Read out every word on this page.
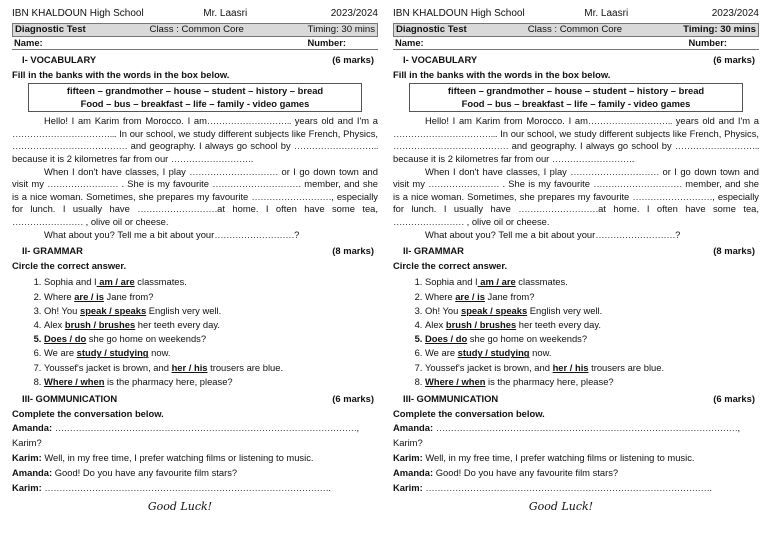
IBN KHALDOUN High School	Mr. Laasri	2023/2024
Diagnostic Test	Class : Common Core	Timing: 30 mins
Name:	Number:
I- VOCABULARY	(6 marks)
Fill in the banks with the words in the box below.
fifteen – grandmother – house – student – history – bread
Food – bus – breakfast – life – family - video games

Hello! I am Karim from Morocco. I am……………………….. years old and I'm a ……………………………... In our school, we study different subjects like French, Physics, ………………………………… and geography. I always go school by ……………………….. because it is 2 kilometres far from our ……………………….

When I don't have classes, I play ………………………… or I go down town and visit my …………………… . She is my favourite ………………………… member, and she is a nice woman. Sometimes, she prepares my favourite ………………………, especially for lunch. I usually have ………………………at home. I often have some tea, …………………… , olive oil or cheese.

What about you? Tell me a bit about your………………………?

II- GRAMMAR	(8 marks)
Circle the correct answer.
1. Sophia and I am / are classmates.
2. Where are / is Jane from?
3. Oh! You speak / speaks English very well.
4. Alex brush / brushes her teeth every day.
5. Does / do she go home on weekends?
6. We are study / studying now.
7. Youssef's jacket is brown, and her / his trousers are blue.
8. Where / when is the pharmacy here, please?
III- GOMMUNICATION	(6 marks)
Complete the conversation below.

Amanda: …………………………………………………………………………………………, Karim?

Karim: Well, in my free time, I prefer watching films or listening to music.

Amanda: Good! Do you have any favourite film stars?

Karim: …………………………………………………………………………………….

Good Luck!
IBN KHALDOUN High School	Mr. Laasri	2023/2024
Diagnostic Test	Class : Common Core	Timing: 30 mins
Name:	Number:
I- VOCABULARY	(6 marks)
Fill in the banks with the words in the box below.
fifteen – grandmother – house – student – history – bread
Food – bus – breakfast – life – family - video games

Hello! I am Karim from Morocco. I am……………………….. years old and I'm a ……………………………... In our school, we study different subjects like French, Physics, ………………………………… and geography. I always go school by ……………………….. because it is 2 kilometres far from our ……………………….

When I don't have classes, I play ………………………… or I go down town and visit my …………………… . She is my favourite ………………………… member, and she is a nice woman. Sometimes, she prepares my favourite ………………………, especially for lunch. I usually have ………………………at home. I often have some tea, …………………… , olive oil or cheese.

What about you? Tell me a bit about your………………………?

II- GRAMMAR	(8 marks)
Circle the correct answer.
1. Sophia and I am / are classmates.
2. Where are / is Jane from?
3. Oh! You speak / speaks English very well.
4. Alex brush / brushes her teeth every day.
5. Does / do she go home on weekends?
6. We are study / studying now.
7. Youssef's jacket is brown, and her / his trousers are blue.
8. Where / when is the pharmacy here, please?
III- GOMMUNICATION	(6 marks)
Complete the conversation below.

Amanda: …………………………………………………………………………………………, Karim?

Karim: Well, in my free time, I prefer watching films or listening to music.

Amanda: Good! Do you have any favourite film stars?

Karim: …………………………………………………………………………………….

Good Luck!
